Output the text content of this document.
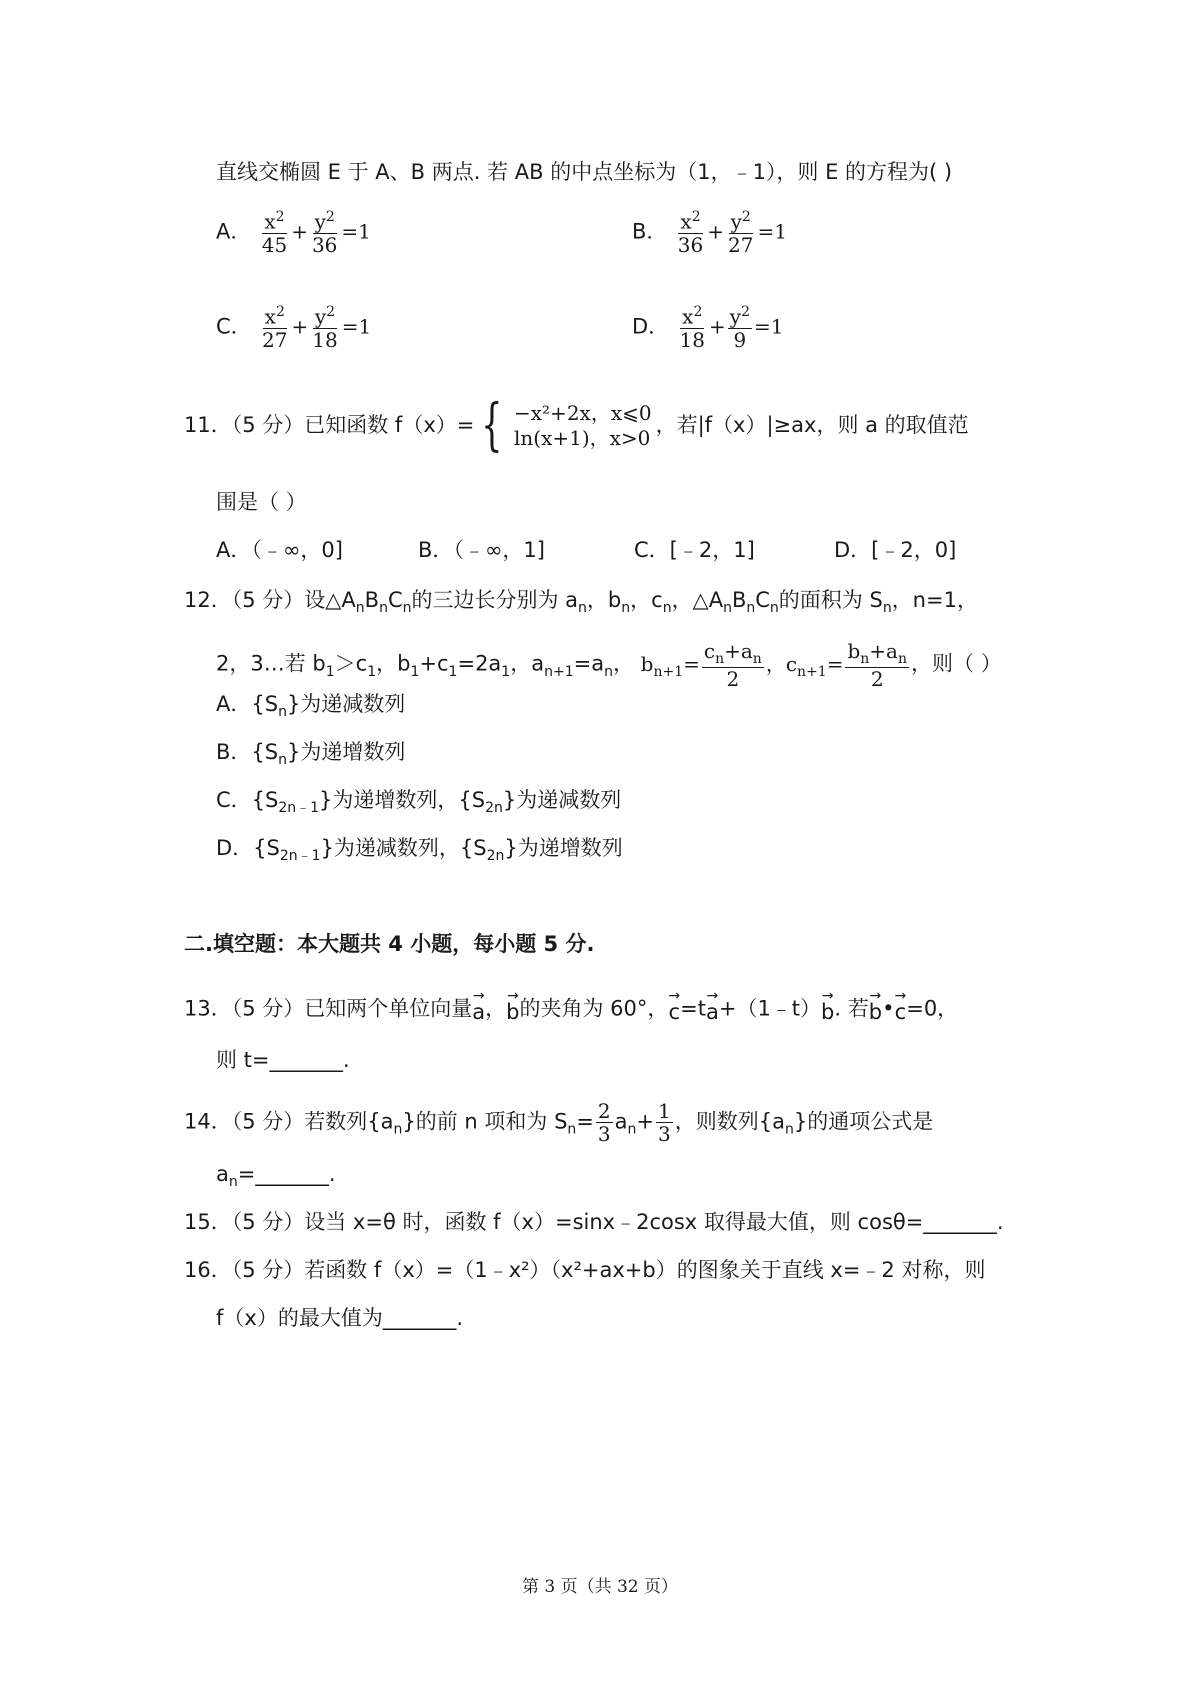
直线交椭圆 E 于 A、B 两点. 若 AB 的中点坐标为（1，﹣1），则 E 的方程为( )
A． $\frac{x^2}{45} + \frac{y^2}{36} =1$	B． $\frac{x^2}{36} + \frac{y^2}{27} =1$
C． $\frac{x^2}{27} + \frac{y^2}{18} =1$	D． $\frac{x^2}{18} + \frac{y^2}{9} =1$
11．（5 分）已知函数 f（x）= { −x²+2x，x⩽0
ln(x+1)，x>0
，若|f（x）|≥ax，则 a 的取值范
围是（ ）
A．（﹣∞，0]	B．（﹣∞，1]	C．[﹣2，1]	D．[﹣2，0]
12．（5 分）设$\triangle A_nB_nC_n$的三边长分别为 $a_n$，$b_n$，$c_n$，$\triangle A_nB_nC_n$的面积为 $S_n$，n=1，
2，3…若 $b_1>c_1$，$b_1+c_1=2a_1$，$a_{n+1}=a_n$， $b_{n+1}= \frac{c_n+a_n}{2}$ ，$c_{n+1}= \frac{b_n+a_n}{2}$ ，则（ ）
A．$\{S_n\}$为递减数列
B．$\{S_n\}$为递增数列
C．$\{S_{2n﹣1}\}$为递增数列，$\{S_{2n}\}$为递减数列
D．$\{S_{2n﹣1}\}$为递减数列，$\{S_{2n}\}$为递增数列
二.填空题：本大题共 4 小题，每小题 5 分.
13．（5 分）已知两个单位向量
→
a ，
→
b 的夹角为 60°，
→
c =t
→
a +（1﹣t）
→
b . 若
→
b •
→
c =0，
则 t=_______.
14．（5 分）若数列$\{a_n\}$的前 n 项和为 $S_n= \frac{2}{3} a_n+ \frac{1}{3}$ ，则数列$\{a_n\}$的通项公式是
$a_n=\_\_\_\_\_\_\_$.
15．（5 分）设当 x=θ 时，函数 f（x）=sinx﹣2cosx 取得最大值，则 cosθ=_______.
16．（5 分）若函数 f（x）=（1﹣x²）（x²+ax+b）的图象关于直线 x=﹣2 对称，则
f（x）的最大值为_______.
第 3 页（共 32 页）
